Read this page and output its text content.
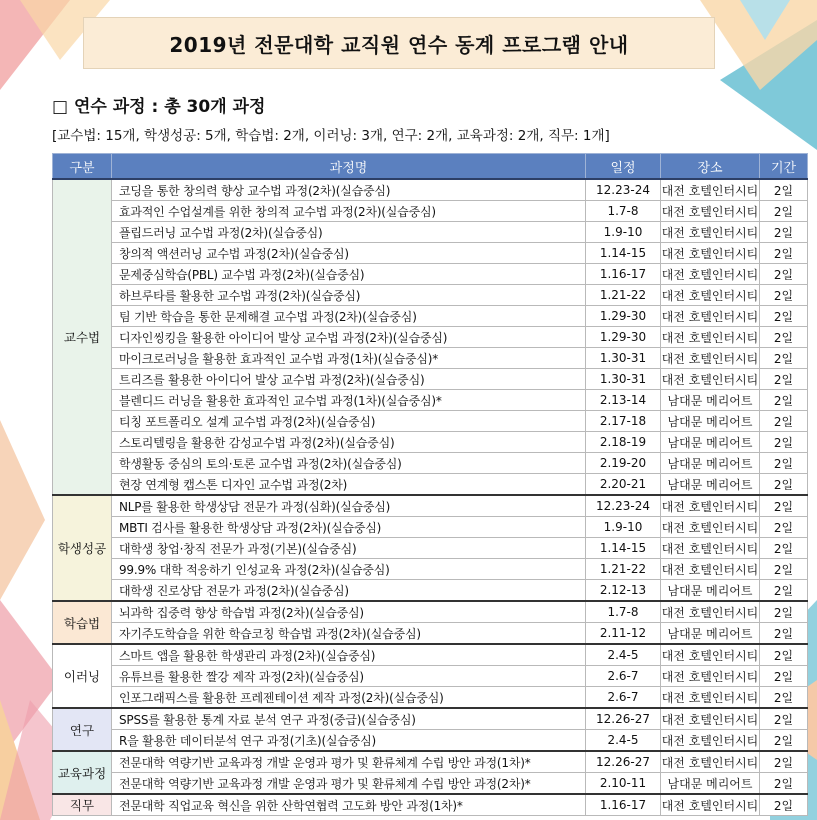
2019년 전문대학 교직원 연수 동계 프로그램 안내
□ 연수 과정 : 총 30개 과정
[교수법: 15개, 학생성공: 5개, 학습법: 2개, 이러닝: 3개, 연구: 2개, 교육과정: 2개, 직무: 1개]
구분	과정명	일정	장소	기간
교수법	코딩을 통한 창의력 향상 교수법 과정(2차)(실습중심)	12.23-24	대전 호텔인터시티	2일
	효과적인 수업설계를 위한 창의적 교수법 과정(2차)(실습중심)	1.7-8	대전 호텔인터시티	2일
	플립드러닝 교수법 과정(2차)(실습중심)	1.9-10	대전 호텔인터시티	2일
	창의적 액션러닝 교수법 과정(2차)(실습중심)	1.14-15	대전 호텔인터시티	2일
	문제중심학습(PBL) 교수법 과정(2차)(실습중심)	1.16-17	대전 호텔인터시티	2일
	하브루타를 활용한 교수법 과정(2차)(실습중심)	1.21-22	대전 호텔인터시티	2일
	팀 기반 학습을 통한 문제해결 교수법 과정(2차)(실습중심)	1.29-30	대전 호텔인터시티	2일
	디자인씽킹을 활용한 아이디어 발상 교수법 과정(2차)(실습중심)	1.29-30	대전 호텔인터시티	2일
	마이크로러닝을 활용한 효과적인 교수법 과정(1차)(실습중심)*	1.30-31	대전 호텔인터시티	2일
	트리즈를 활용한 아이디어 발상 교수법 과정(2차)(실습중심)	1.30-31	대전 호텔인터시티	2일
	블렌디드 러닝을 활용한 효과적인 교수법 과정(1차)(실습중심)*	2.13-14	남대문 메리어트	2일
	티칭 포트폴리오 설계 교수법 과정(2차)(실습중심)	2.17-18	남대문 메리어트	2일
	스토리텔링을 활용한 감성교수법 과정(2차)(실습중심)	2.18-19	남대문 메리어트	2일
	학생활동 중심의 토의·토론 교수법 과정(2차)(실습중심)	2.19-20	남대문 메리어트	2일
	현장 연계형 캡스톤 디자인 교수법 과정(2차)	2.20-21	남대문 메리어트	2일
학생성공	NLP를 활용한 학생상담 전문가 과정(심화)(실습중심)	12.23-24	대전 호텔인터시티	2일
	MBTI 검사를 활용한 학생상담 과정(2차)(실습중심)	1.9-10	대전 호텔인터시티	2일
	대학생 창업·창직 전문가 과정(기본)(실습중심)	1.14-15	대전 호텔인터시티	2일
	99.9% 대학 적응하기 인성교육 과정(2차)(실습중심)	1.21-22	대전 호텔인터시티	2일
	대학생 진로상담 전문가 과정(2차)(실습중심)	2.12-13	남대문 메리어트	2일
학습법	뇌과학 집중력 향상 학습법 과정(2차)(실습중심)	1.7-8	대전 호텔인터시티	2일
	자기주도학습을 위한 학습코칭 학습법 과정(2차)(실습중심)	2.11-12	남대문 메리어트	2일
이러닝	스마트 앱을 활용한 학생관리 과정(2차)(실습중심)	2.4-5	대전 호텔인터시티	2일
	유튜브를 활용한 짤강 제작 과정(2차)(실습중심)	2.6-7	대전 호텔인터시티	2일
	인포그래픽스를 활용한 프레젠테이션 제작 과정(2차)(실습중심)	2.6-7	대전 호텔인터시티	2일
연구	SPSS를 활용한 통계 자료 분석 연구 과정(중급)(실습중심)	12.26-27	대전 호텔인터시티	2일
	R을 활용한 데이터분석 연구 과정(기초)(실습중심)	2.4-5	대전 호텔인터시티	2일
교육과정	전문대학 역량기반 교육과정 개발 운영과 평가 및 환류체계 수립 방안 과정(1차)*	12.26-27	대전 호텔인터시티	2일
	전문대학 역량기반 교육과정 개발 운영과 평가 및 환류체계 수립 방안 과정(2차)*	2.10-11	남대문 메리어트	2일
직무	전문대학 직업교육 혁신을 위한 산학연협력 고도화 방안 과정(1차)*	1.16-17	대전 호텔인터시티	2일
